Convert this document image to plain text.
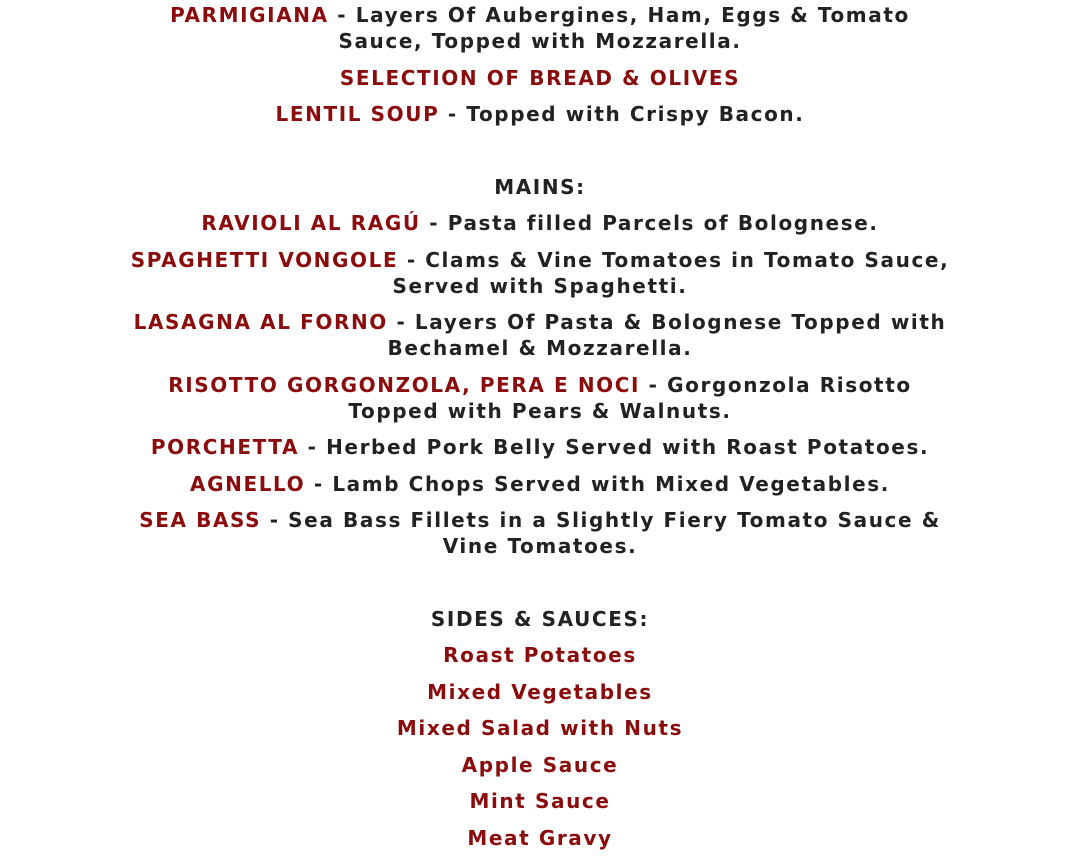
PARMIGIANA - Layers Of Aubergines, Ham, Eggs & Tomato Sauce, Topped with Mozzarella.
SELECTION OF BREAD & OLIVES
LENTIL SOUP - Topped with Crispy Bacon.
MAINS:
RAVIOLI AL RAGÚ - Pasta filled Parcels of Bolognese.
SPAGHETTI VONGOLE - Clams & Vine Tomatoes in Tomato Sauce, Served with Spaghetti.
LASAGNA AL FORNO - Layers Of Pasta & Bolognese Topped with Bechamel & Mozzarella.
RISOTTO GORGONZOLA, PERA E NOCI - Gorgonzola Risotto Topped with Pears & Walnuts.
PORCHETTA - Herbed Pork Belly Served with Roast Potatoes.
AGNELLO - Lamb Chops Served with Mixed Vegetables.
SEA BASS - Sea Bass Fillets in a Slightly Fiery Tomato Sauce & Vine Tomatoes.
SIDES & SAUCES:
Roast Potatoes
Mixed Vegetables
Mixed Salad with Nuts
Apple Sauce
Mint Sauce
Meat Gravy
